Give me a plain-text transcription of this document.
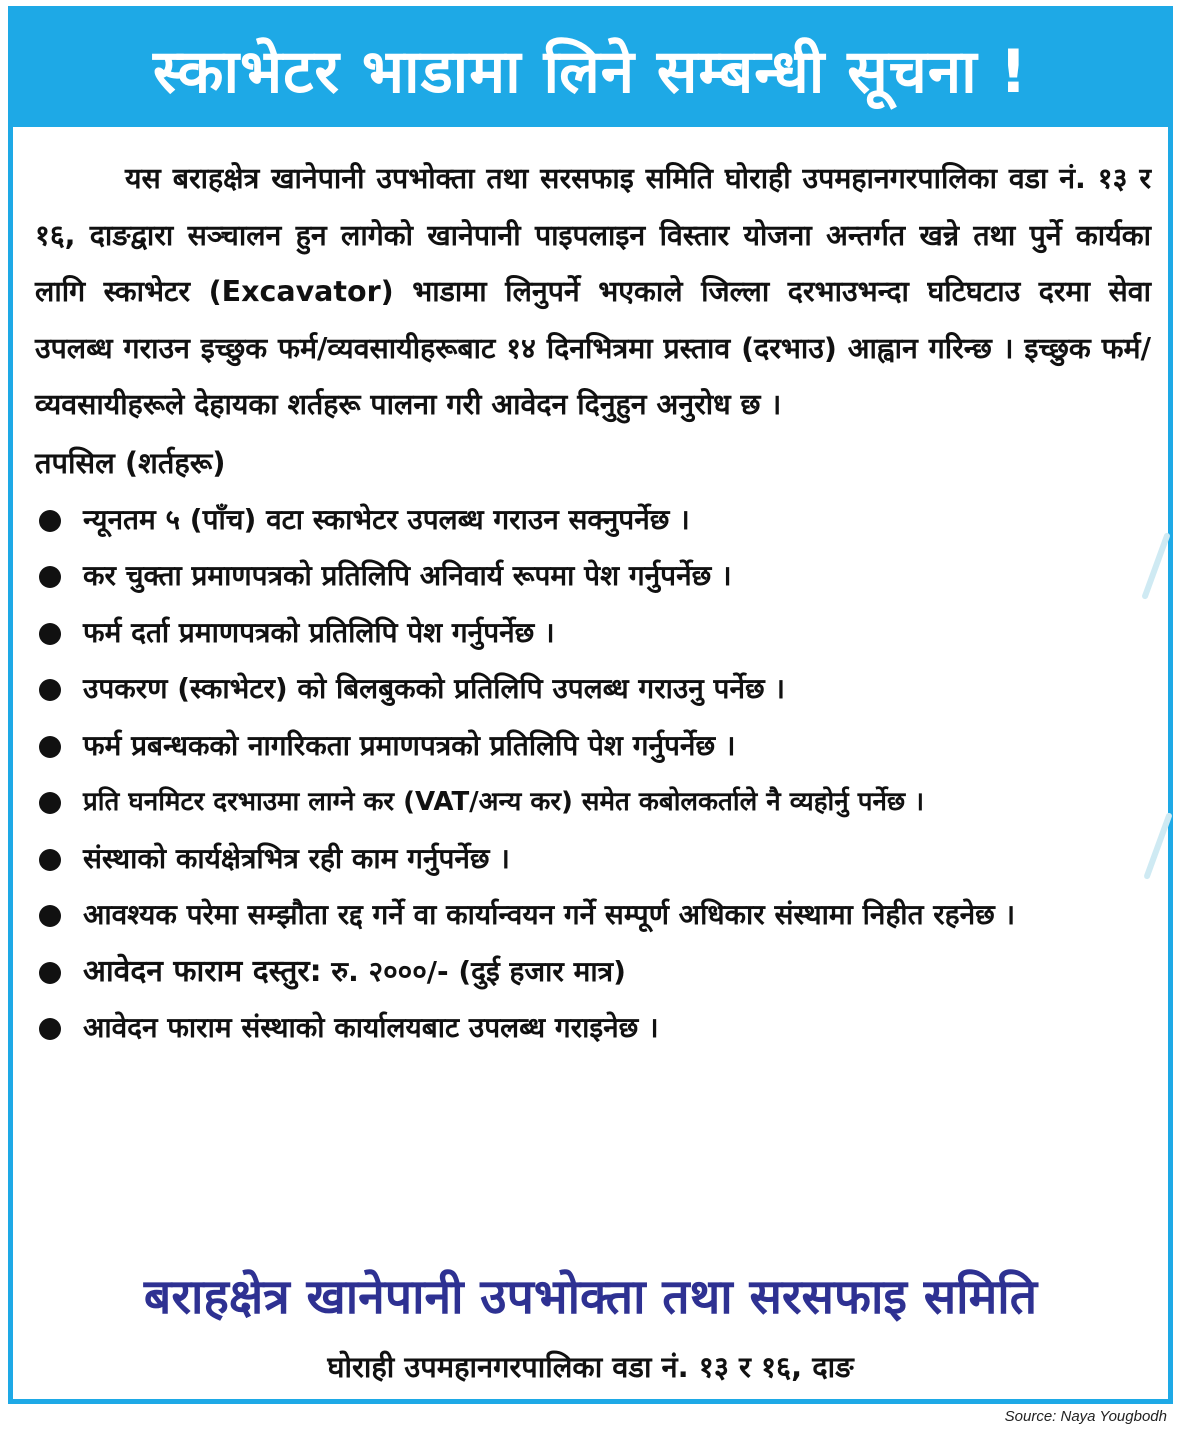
स्काभेटर भाडामा लिने सम्बन्धी सूचना !

यस बराहक्षेत्र खानेपानी उपभोक्ता तथा सरसफाइ समिति घोराही उपमहानगरपालिका वडा नं. १३ र १६, दाङद्वारा सञ्चालन हुन लागेको खानेपानी पाइपलाइन विस्तार योजना अन्तर्गत खन्ने तथा पुर्ने कार्यका लागि स्काभेटर (Excavator) भाडामा लिनुपर्ने भएकाले जिल्ला दरभाउभन्दा घटिघटाउ दरमा सेवा उपलब्ध गराउन इच्छुक फर्म/व्यवसायीहरूबाट १४ दिनभित्रमा प्रस्ताव (दरभाउ) आह्वान गरिन्छ । इच्छुक फर्म/व्यवसायीहरूले देहायका शर्तहरू पालना गरी आवेदन दिनुहुन अनुरोध छ ।

तपसिल (शर्तहरू)
न्यूनतम ५ (पाँच) वटा स्काभेटर उपलब्ध गराउन सक्नुपर्नेछ ।
कर चुक्ता प्रमाणपत्रको प्रतिलिपि अनिवार्य रूपमा पेश गर्नुपर्नेछ ।
फर्म दर्ता प्रमाणपत्रको प्रतिलिपि पेश गर्नुपर्नेछ ।
उपकरण (स्काभेटर) को बिलबुकको प्रतिलिपि उपलब्ध गराउनु पर्नेछ ।
फर्म प्रबन्धकको नागरिकता प्रमाणपत्रको प्रतिलिपि पेश गर्नुपर्नेछ ।
प्रति घनमिटर दरभाउमा लाग्ने कर (VAT/अन्य कर) समेत कबोलकर्ताले नै व्यहोर्नु पर्नेछ ।
संस्थाको कार्यक्षेत्रभित्र रही काम गर्नुपर्नेछ ।
आवश्यक परेमा सम्झौता रद्द गर्ने वा कार्यान्वयन गर्ने सम्पूर्ण अधिकार संस्थामा निहीत रहनेछ ।
आवेदन फाराम दस्तुर: रु. २०००/- (दुई हजार मात्र)
आवेदन फाराम संस्थाको कार्यालयबाट उपलब्ध गराइनेछ ।
बराहक्षेत्र खानेपानी उपभोक्ता तथा सरसफाइ समिति
घोराही उपमहानगरपालिका वडा नं. १३ र १६, दाङ
Source: Naya Yougbodh
